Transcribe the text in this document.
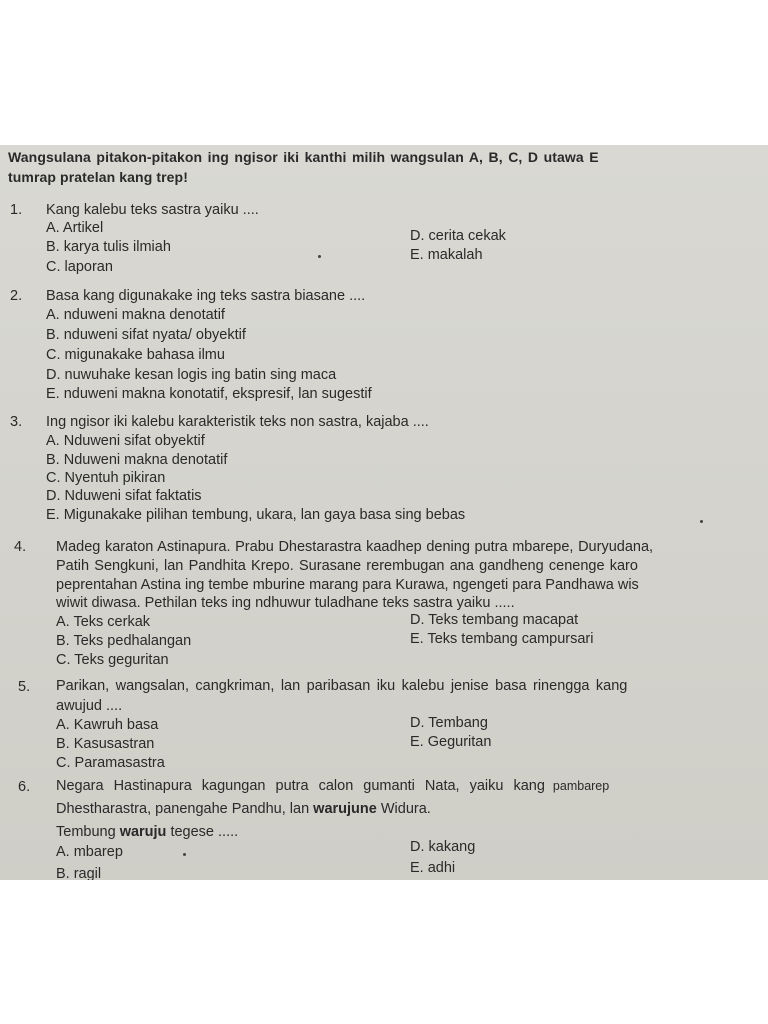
Wangsulana pitakon-pitakon ing ngisor iki kanthi milih wangsulan A, B, C, D utawa E
tumrap pratelan kang trep!
1. Kang kalebu teks sastra yaiku ....
A. Artikel
B. karya tulis ilmiah
C. laporan
D. cerita cekak
E. makalah
2. Basa kang digunakake ing teks sastra biasane ....
A. nduweni makna denotatif
B. nduweni sifat nyata/ obyektif
C. migunakake bahasa ilmu
D. nuwuhake kesan logis ing batin sing maca
E. nduweni makna konotatif, ekspresif, lan sugestif
3. Ing ngisor iki kalebu karakteristik teks non sastra, kajaba ....
A. Nduweni sifat obyektif
B. Nduweni makna denotatif
C. Nyentuh pikiran
D. Nduweni sifat faktatis
E. Migunakake pilihan tembung, ukara, lan gaya basa sing bebas
4. Madeg karaton Astinapura. Prabu Dhestarastra kaadhep dening putra mbarepe, Duryudana,
Patih Sengkuni, lan Pandhita Krepo. Surasane rerembugan ana gandheng cenenge karo
peprentahan Astina ing tembe mburine marang para Kurawa, ngengeti para Pandhawa wis
wiwit diwasa. Pethilan teks ing ndhuwur tuladhane teks sastra yaiku .....
A. Teks cerkak
B. Teks pedhalangan
C. Teks geguritan
D. Teks tembang macapat
E. Teks tembang campursari
5. Parikan, wangsalan, cangkriman, lan paribasan iku kalebu jenise basa rinengga kang
awujud ....
A. Kawruh basa
B. Kasusastran
C. Paramasastra
D. Tembang
E. Geguritan
6. Negara Hastinapura kagungan putra calon gumanti Nata, yaiku kang pambarep
Dhestharastra, panengahe Pandhu, lan warujune Widura.
Tembung waruju tegese .....
A. mbarep
B. ragil
D. kakang
E. adhi
